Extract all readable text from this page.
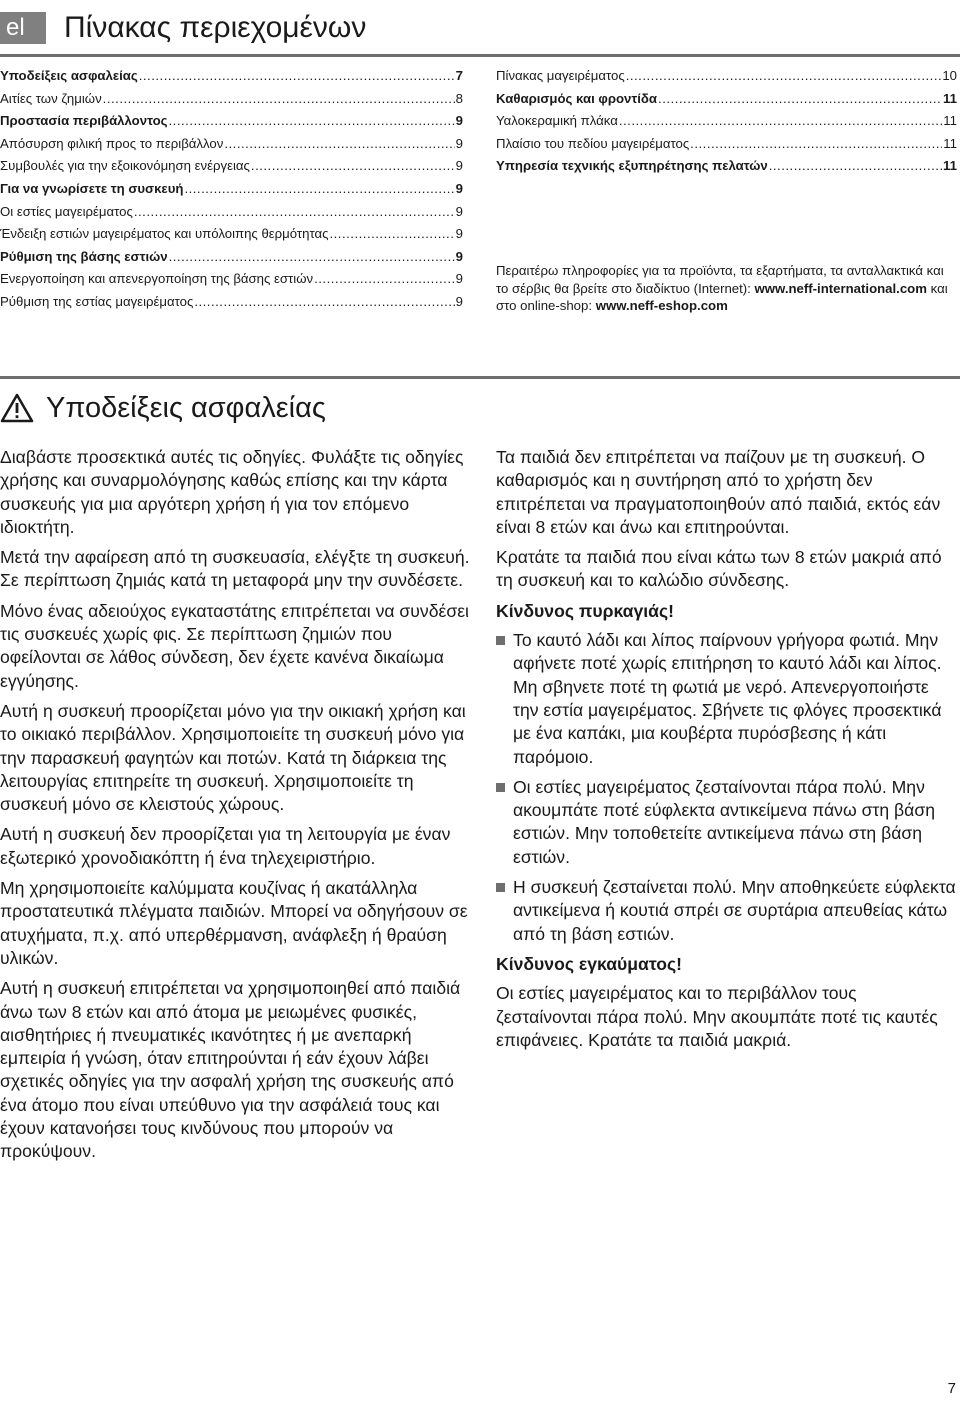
el	Πίνακας περιεχομένων
Υποδείξεις ασφαλείας .....	7
Αιτίες των ζημιών .....	8
Προστασία περιβάλλοντος .....	9
Απόσυρση φιλική προς το περιβάλλον .....	9
Συμβουλές για την εξοικονόμηση ενέργειας .....	9
Για να γνωρίσετε τη συσκευή .....	9
Οι εστίες μαγειρέματος .....	9
Ένδειξη εστιών μαγειρέματος και υπόλοιπης θερμότητας .....	9
Ρύθμιση της βάσης εστιών .....	9
Ενεργοποίηση και απενεργοποίηση της βάσης εστιών .....	9
Ρύθμιση της εστίας μαγειρέματος .....	9
Πίνακας μαγειρέματος .....	10
Καθαρισμός και φροντίδα .....	11
Υαλοκεραμική πλάκα .....	11
Πλαίσιο του πεδίου μαγειρέματος .....	11
Υπηρεσία τεχνικής εξυπηρέτησης πελατών .....	11
Περαιτέρω πληροφορίες για τα προϊόντα, τα εξαρτήματα, τα ανταλλακτικά και το σέρβις θα βρείτε στο διαδίκτυο (Internet): www.neff-international.com και στο online-shop: www.neff-eshop.com
Υποδείξεις ασφαλείας

Διαβάστε προσεκτικά αυτές τις οδηγίες. Φυλάξτε τις οδηγίες χρήσης και συναρμολόγησης καθώς επίσης και την κάρτα συσκευής για μια αργότερη χρήση ή για τον επόμενο ιδιοκτήτη.

Μετά την αφαίρεση από τη συσκευασία, ελέγξτε τη συσκευή. Σε περίπτωση ζημιάς κατά τη μεταφορά μην την συνδέσετε.

Μόνο ένας αδειούχος εγκαταστάτης επιτρέπεται να συνδέσει τις συσκευές χωρίς φις. Σε περίπτωση ζημιών που οφείλονται σε λάθος σύνδεση, δεν έχετε κανένα δικαίωμα εγγύησης.

Αυτή η συσκευή προορίζεται μόνο για την οικιακή χρήση και το οικιακό περιβάλλον. Χρησιμοποιείτε τη συσκευή μόνο για την παρασκευή φαγητών και ποτών. Κατά τη διάρκεια της λειτουργίας επιτηρείτε τη συσκευή. Χρησιμοποιείτε τη συσκευή μόνο σε κλειστούς χώρους.

Αυτή η συσκευή δεν προορίζεται για τη λειτουργία με έναν εξωτερικό χρονοδιακόπτη ή ένα τηλεχειριστήριο.

Μη χρησιμοποιείτε καλύμματα κουζίνας ή ακατάλληλα προστατευτικά πλέγματα παιδιών. Μπορεί να οδηγήσουν σε ατυχήματα, π.χ. από υπερθέρμανση, ανάφλεξη ή θραύση υλικών.

Αυτή η συσκευή επιτρέπεται να χρησιμοποιηθεί από παιδιά άνω των 8 ετών και από άτομα με μειωμένες φυσικές, αισθητήριες ή πνευματικές ικανότητες ή με ανεπαρκή εμπειρία ή γνώση, όταν επιτηρούνται ή εάν έχουν λάβει σχετικές οδηγίες για την ασφαλή χρήση της συσκευής από ένα άτομο που είναι υπεύθυνο για την ασφάλειά τους και έχουν κατανοήσει τους κινδύνους που μπορούν να προκύψουν.

Τα παιδιά δεν επιτρέπεται να παίζουν με τη συσκευή. Ο καθαρισμός και η συντήρηση από το χρήστη δεν επιτρέπεται να πραγματοποιηθούν από παιδιά, εκτός εάν είναι 8 ετών και άνω και επιτηρούνται.

Κρατάτε τα παιδιά που είναι κάτω των 8 ετών μακριά από τη συσκευή και το καλώδιο σύνδεσης.

Κίνδυνος πυρκαγιάς!
Το καυτό λάδι και λίπος παίρνουν γρήγορα φωτιά. Μην αφήνετε ποτέ χωρίς επιτήρηση το καυτό λάδι και λίπος. Μη σβηνετε ποτέ τη φωτιά με νερό. Απενεργοποιήστε την εστία μαγειρέματος. Σβήνετε τις φλόγες προσεκτικά με ένα καπάκι, μια κουβέρτα πυρόσβεσης ή κάτι παρόμοιο.
Οι εστίες μαγειρέματος ζεσταίνονται πάρα πολύ. Μην ακουμπάτε ποτέ εύφλεκτα αντικείμενα πάνω στη βάση εστιών. Μην τοποθετείτε αντικείμενα πάνω στη βάση εστιών.
Η συσκευή ζεσταίνεται πολύ. Μην αποθηκεύετε εύφλεκτα αντικείμενα ή κουτιά σπρέι σε συρτάρια απευθείας κάτω από τη βάση εστιών.
Κίνδυνος εγκαύματος!

Οι εστίες μαγειρέματος και το περιβάλλον τους ζεσταίνονται πάρα πολύ. Μην ακουμπάτε ποτέ τις καυτές επιφάνειες. Κρατάτε τα παιδιά μακριά.

7
